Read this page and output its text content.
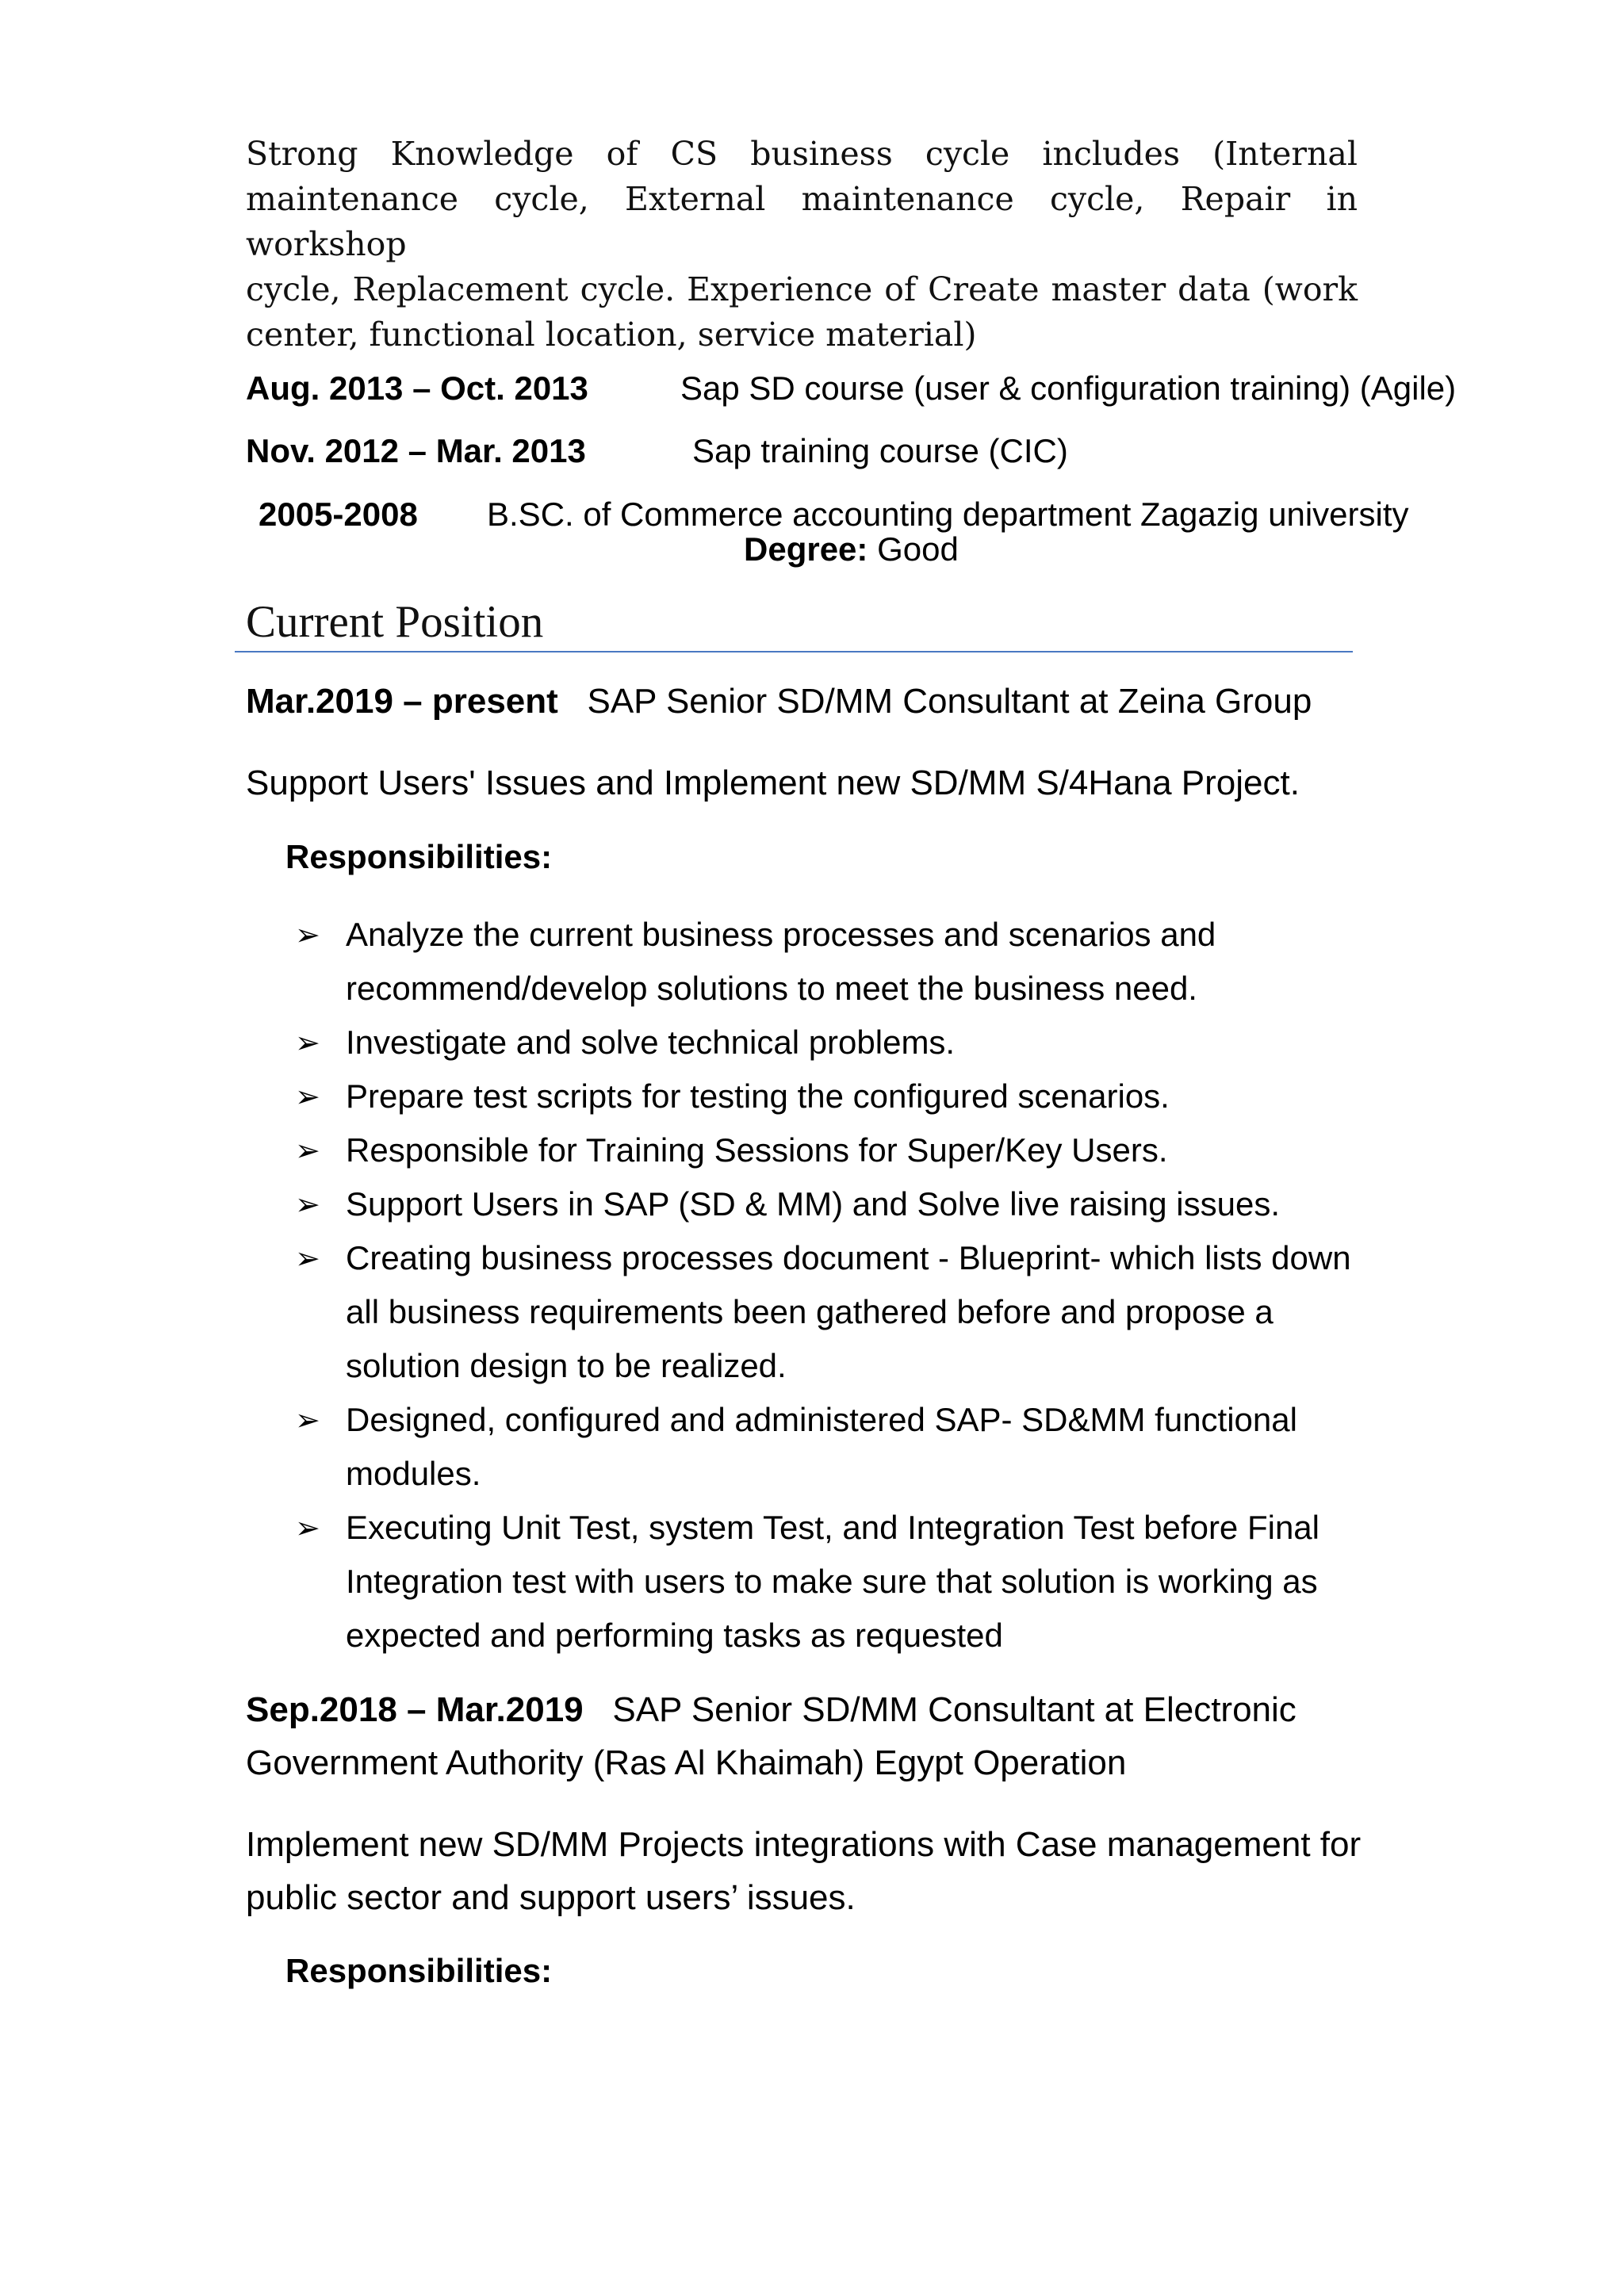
Strong Knowledge of CS business cycle includes (Internal
maintenance cycle, External maintenance cycle, Repair in workshop
cycle, Replacement cycle. Experience of Create master data (work
center, functional location, service material)
Aug. 2013 – Oct. 2013	Sap SD course (user & configuration training) (Agile)
Nov. 2012 – Mar. 2013	Sap training course (CIC)
2005-2008 B.SC. of Commerce accounting department Zagazig university
Degree: Good
Current Position
Mar.2019 – present SAP Senior SD/MM Consultant at Zeina Group
Support Users' Issues and Implement new SD/MM S/4Hana Project.
Responsibilities:
➢ Analyze the current business processes and scenarios and
recommend/develop solutions to meet the business need.
➢ Investigate and solve technical problems.
➢ Prepare test scripts for testing the configured scenarios.
➢ Responsible for Training Sessions for Super/Key Users.
➢ Support Users in SAP (SD & MM) and Solve live raising issues.
➢ Creating business processes document - Blueprint- which lists down
all business requirements been gathered before and propose a
solution design to be realized.
➢ Designed, configured and administered SAP- SD&MM functional
modules.
➢ Executing Unit Test, system Test, and Integration Test before Final
Integration test with users to make sure that solution is working as
expected and performing tasks as requested
Sep.2018 – Mar.2019 SAP Senior SD/MM Consultant at Electronic
Government Authority (Ras Al Khaimah) Egypt Operation
Implement new SD/MM Projects integrations with Case management for
public sector and support users’ issues.
Responsibilities:
